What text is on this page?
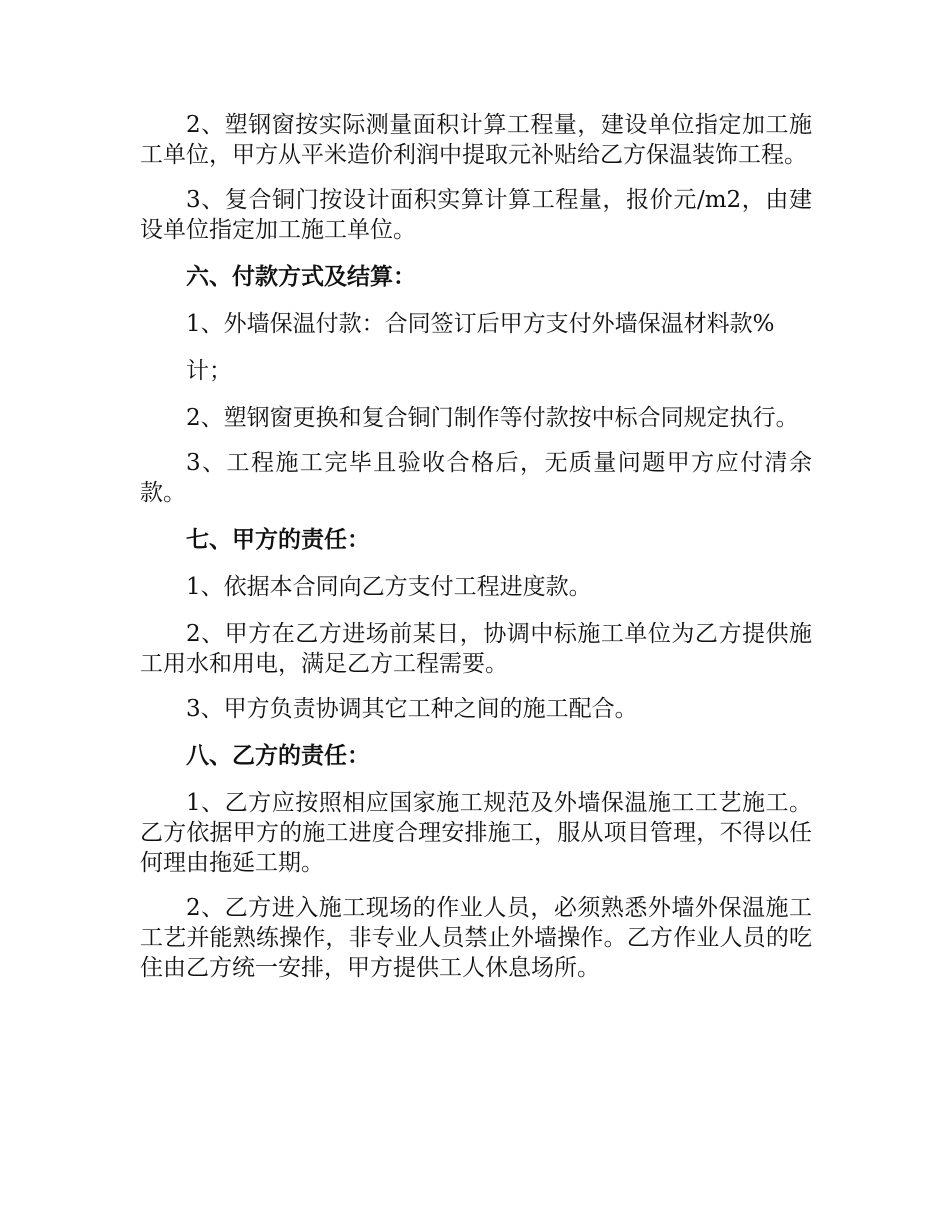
2、塑钢窗按实际测量面积计算工程量，建设单位指定加工施工单位，甲方从平米造价利润中提取元补贴给乙方保温装饰工程。

3、复合铜门按设计面积实算计算工程量，报价元/m2，由建设单位指定加工施工单位。

六、付款方式及结算：

1、外墙保温付款：合同签订后甲方支付外墙保温材料款%

计；

2、塑钢窗更换和复合铜门制作等付款按中标合同规定执行。

3、工程施工完毕且验收合格后，无质量问题甲方应付清余款。

七、甲方的责任：

1、依据本合同向乙方支付工程进度款。

2、甲方在乙方进场前某日，协调中标施工单位为乙方提供施工用水和用电，满足乙方工程需要。

3、甲方负责协调其它工种之间的施工配合。

八、乙方的责任：

1、乙方应按照相应国家施工规范及外墙保温施工工艺施工。乙方依据甲方的施工进度合理安排施工，服从项目管理，不得以任何理由拖延工期。

2、乙方进入施工现场的作业人员，必须熟悉外墙外保温施工工艺并能熟练操作，非专业人员禁止外墙操作。乙方作业人员的吃住由乙方统一安排，甲方提供工人休息场所。
